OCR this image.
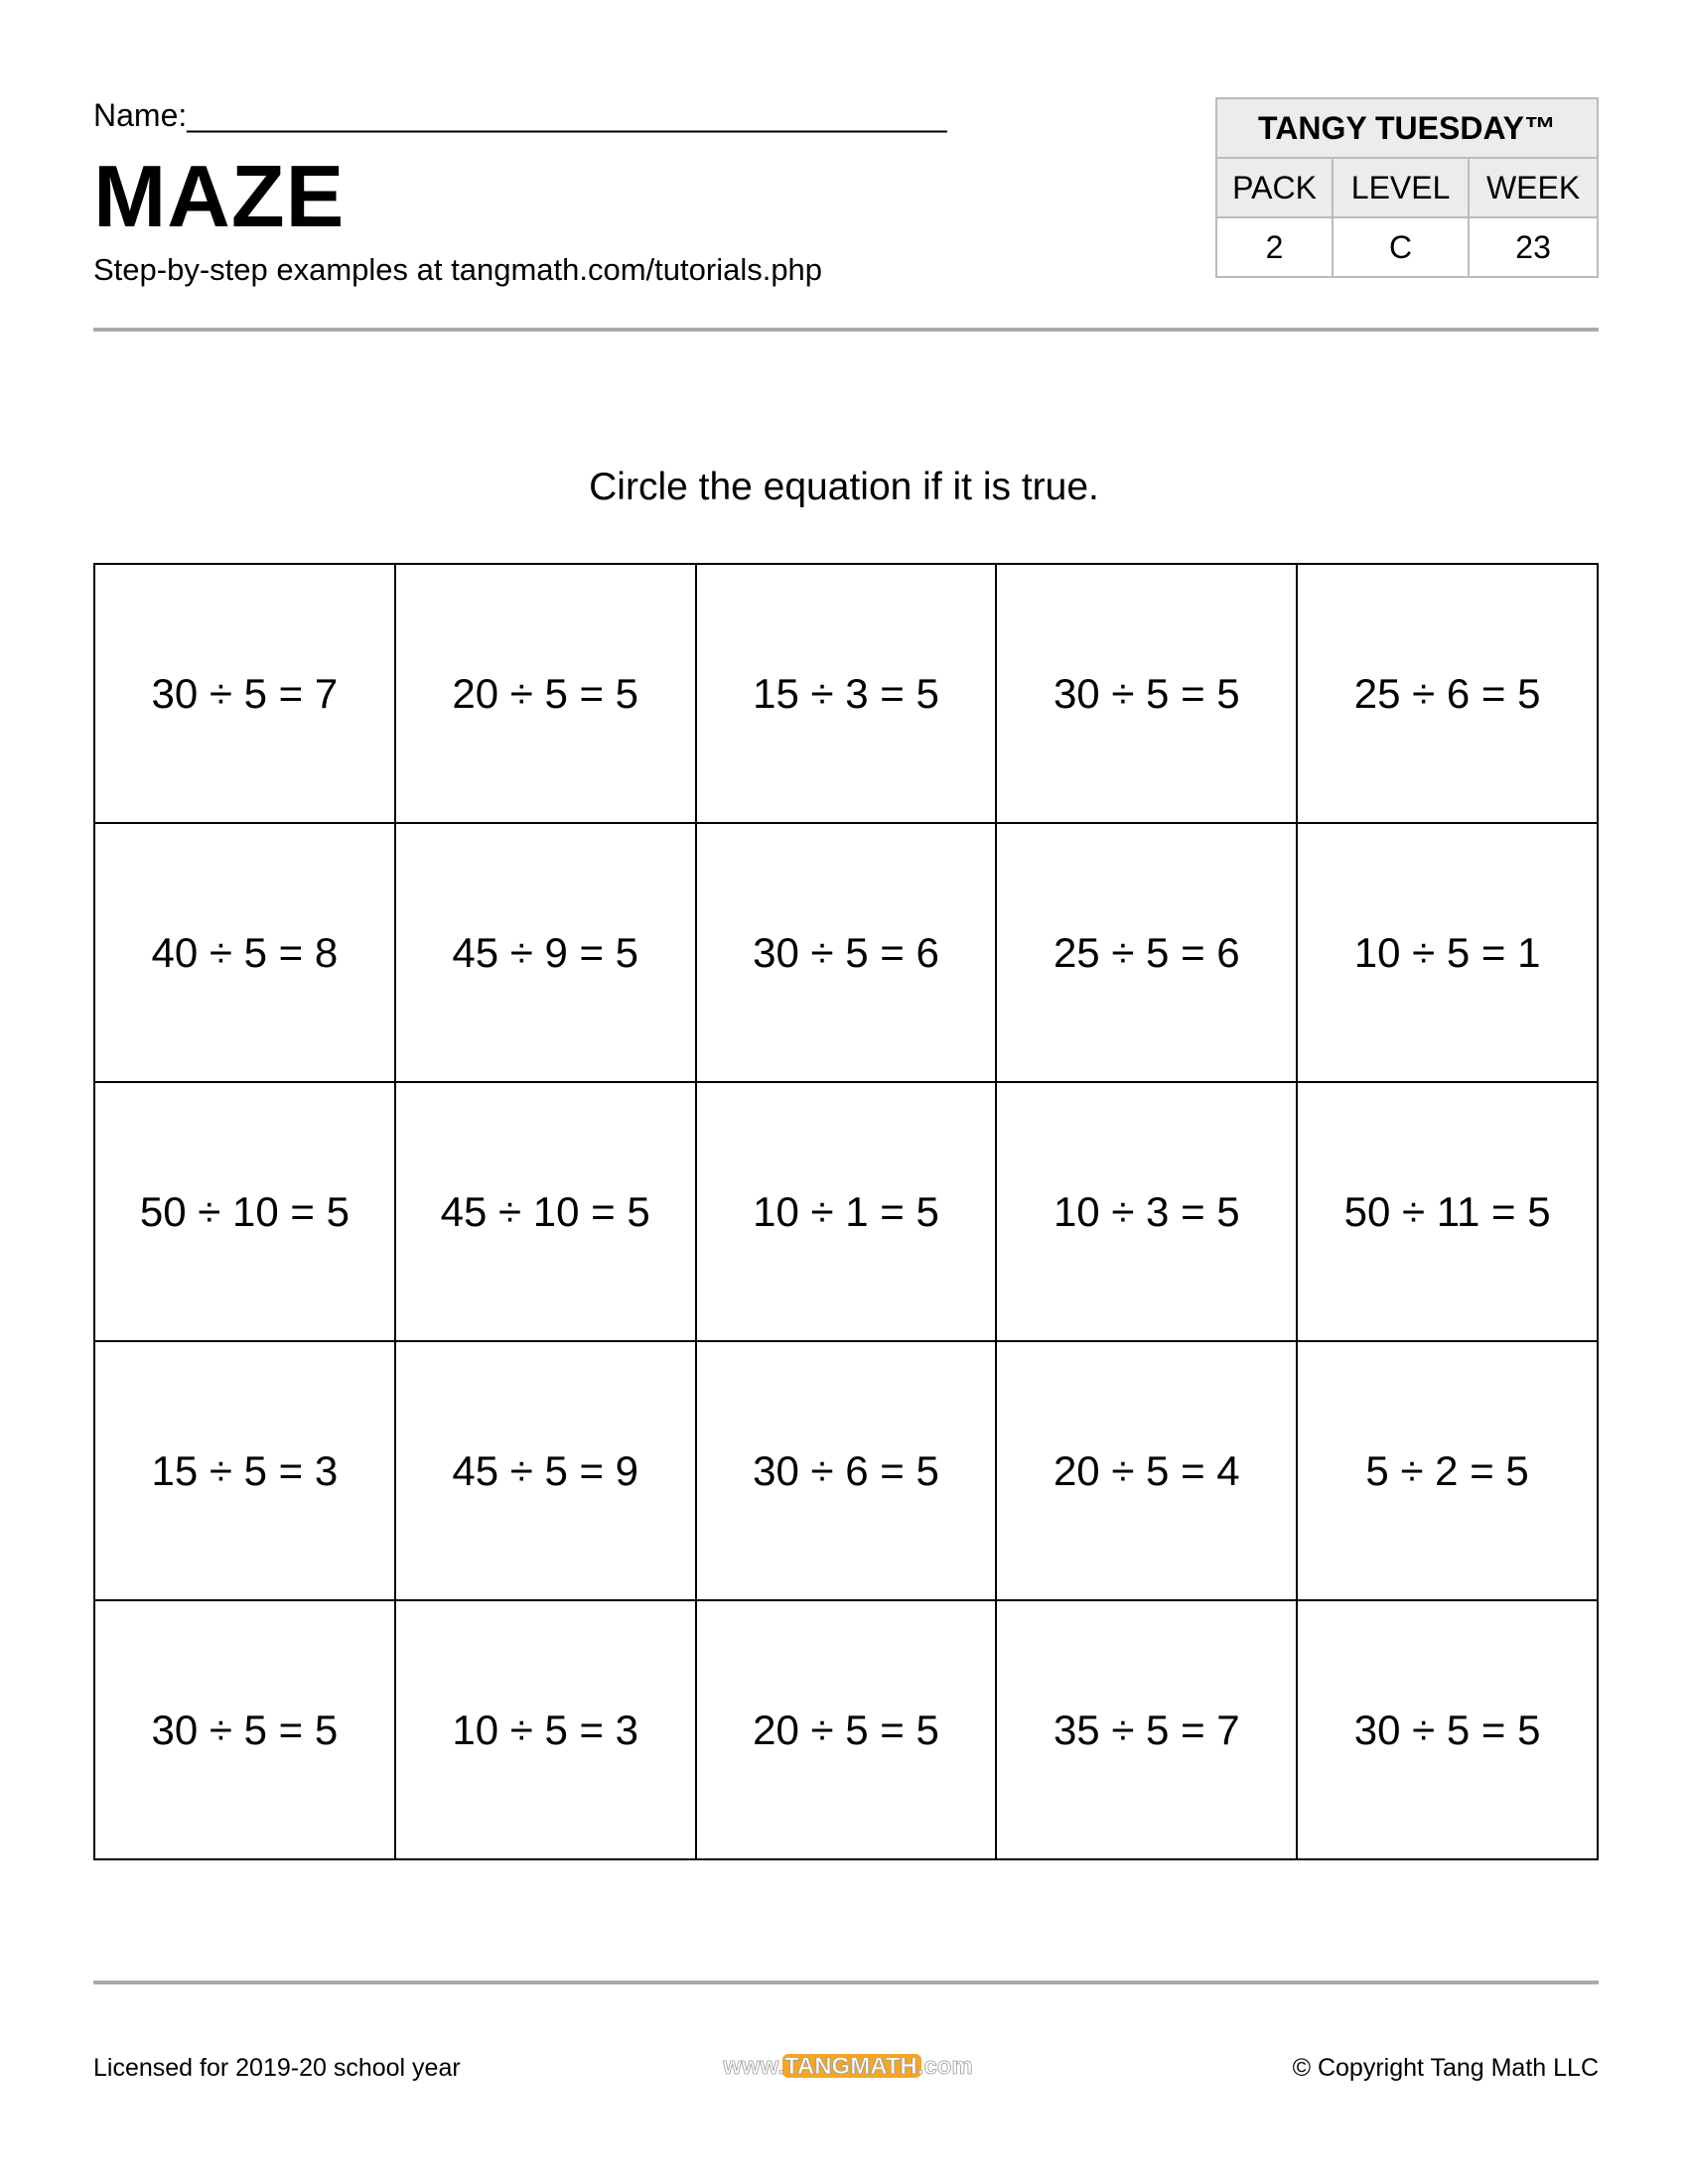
Name:___________________________________________
MAZE
Step-by-step examples at tangmath.com/tutorials.php
TANGY TUESDAY™		
PACK	LEVEL	WEEK
2	C	23
Circle the equation if it is true.
30 ÷ 5 = 7	20 ÷ 5 = 5	15 ÷ 3 = 5	30 ÷ 5 = 5	25 ÷ 6 = 5
40 ÷ 5 = 8	45 ÷ 9 = 5	30 ÷ 5 = 6	25 ÷ 5 = 6	10 ÷ 5 = 1
50 ÷ 10 = 5	45 ÷ 10 = 5	10 ÷ 1 = 5	10 ÷ 3 = 5	50 ÷ 11 = 5
15 ÷ 5 = 3	45 ÷ 5 = 9	30 ÷ 6 = 5	20 ÷ 5 = 4	5 ÷ 2 = 5
30 ÷ 5 = 5	10 ÷ 5 = 3	20 ÷ 5 = 5	35 ÷ 5 = 7	30 ÷ 5 = 5
Licensed for 2019-20 school year	www.TANGMATH.com	© Copyright Tang Math LLC
